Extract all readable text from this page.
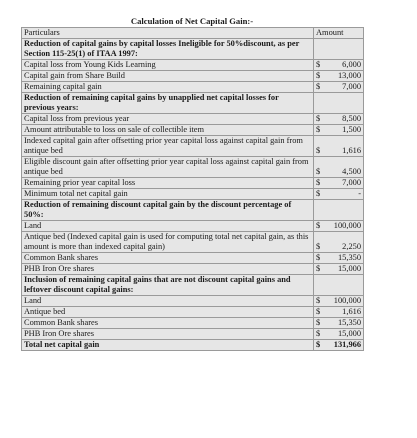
Calculation of Net Capital Gain:-
Particulars	Amount
Reduction of capital gains by capital losses Ineligible for 50%discount, as per Section 115-25(1) of ITAA 1997:	
Capital loss from Young Kids Learning	$ 6,000

Capital gain from Share Build	$ 13,000

Remaining capital gain	$ 7,000

Reduction of remaining capital gains by unapplied net capital losses for previous years:	
Capital loss from previous year	$ 8,500

Amount attributable to loss on sale of collectible item	$ 1,500

Indexed capital gain after offsetting prior year capital loss against capital gain from antique bed	$ 1,616

Eligible discount gain after offsetting prior year capital loss against capital gain from antique bed	$ 4,500

Remaining prior year capital loss	$ 7,000

Minimum total net capital gain	$ -

Reduction of remaining discount capital gain by the discount percentage of 50%:	
Land	$ 100,000

Antique bed (Indexed capital gain is used for computing total net capital gain, as this amount is more than indexed capital gain)	$ 2,250

Common Bank shares	$ 15,350

PHB Iron Ore shares	$ 15,000

Inclusion of remaining capital gains that are not discount capital gains and leftover discount capital gains:	
Land	$ 100,000

Antique bed	$ 1,616

Common Bank shares	$ 15,350

PHB Iron Ore shares	$ 15,000

Total net capital gain	$ 131,966
